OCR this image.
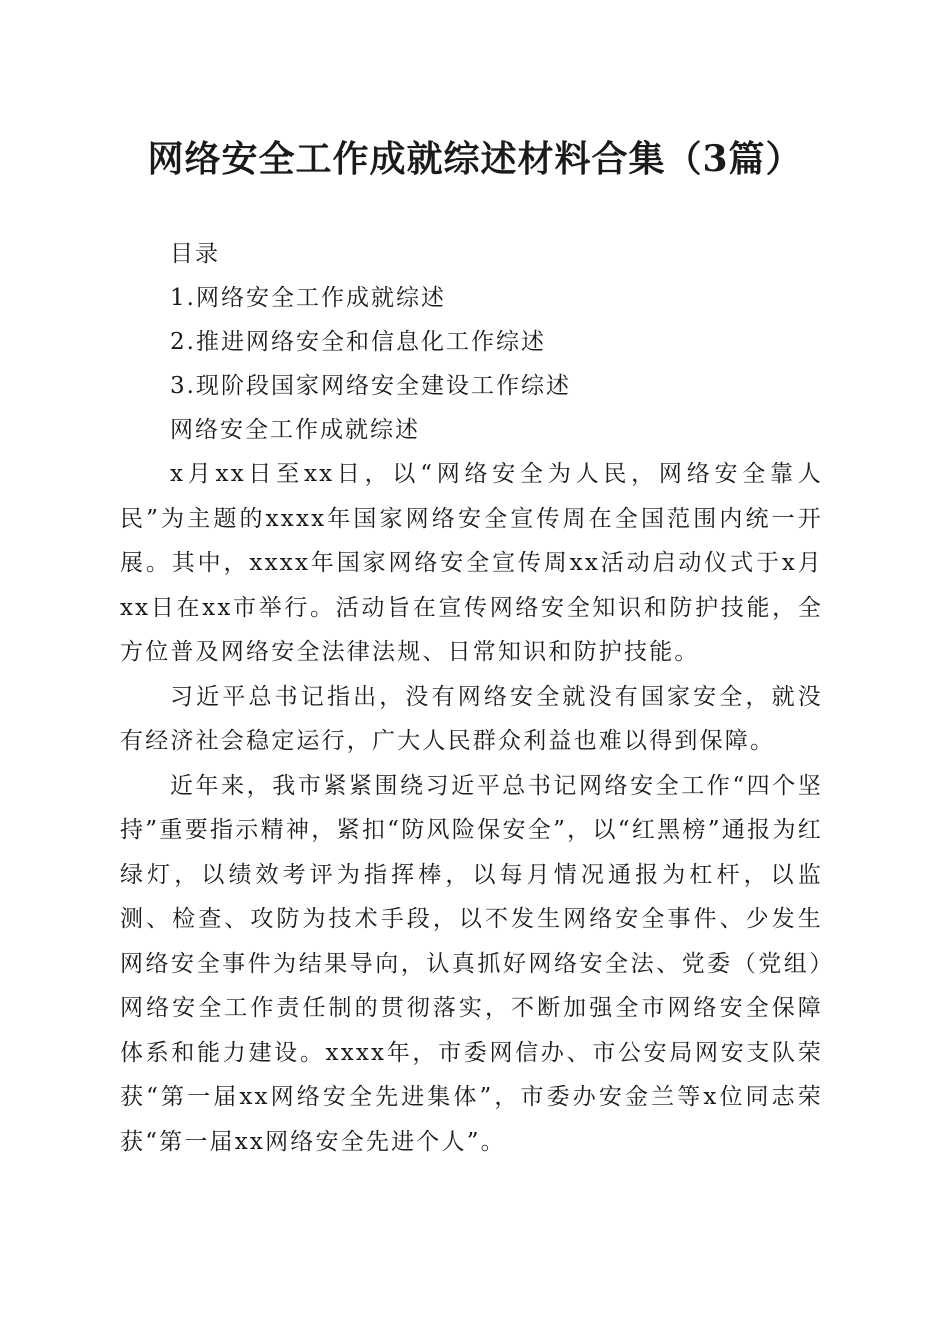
网络安全工作成就综述材料合集（3篇）

目录

1.网络安全工作成就综述

2.推进网络安全和信息化工作综述

3.现阶段国家网络安全建设工作综述

网络安全工作成就综述

x月xx日至xx日，以“网络安全为人民，网络安全靠人民”为主题的xxxx年国家网络安全宣传周在全国范围内统一开展。其中，xxxx年国家网络安全宣传周xx活动启动仪式于x月xx日在xx市举行。活动旨在宣传网络安全知识和防护技能，全方位普及网络安全法律法规、日常知识和防护技能。

习近平总书记指出，没有网络安全就没有国家安全，就没有经济社会稳定运行，广大人民群众利益也难以得到保障。

近年来，我市紧紧围绕习近平总书记网络安全工作“四个坚持”重要指示精神，紧扣“防风险保安全”，以“红黑榜”通报为红绿灯，以绩效考评为指挥棒，以每月情况通报为杠杆，以监测、检查、攻防为技术手段，以不发生网络安全事件、少发生网络安全事件为结果导向，认真抓好网络安全法、党委（党组）网络安全工作责任制的贯彻落实，不断加强全市网络安全保障体系和能力建设。xxxx年，市委网信办、市公安局网安支队荣获“第一届xx网络安全先进集体”，市委办安金兰等x位同志荣获“第一届xx网络安全先进个人”。
